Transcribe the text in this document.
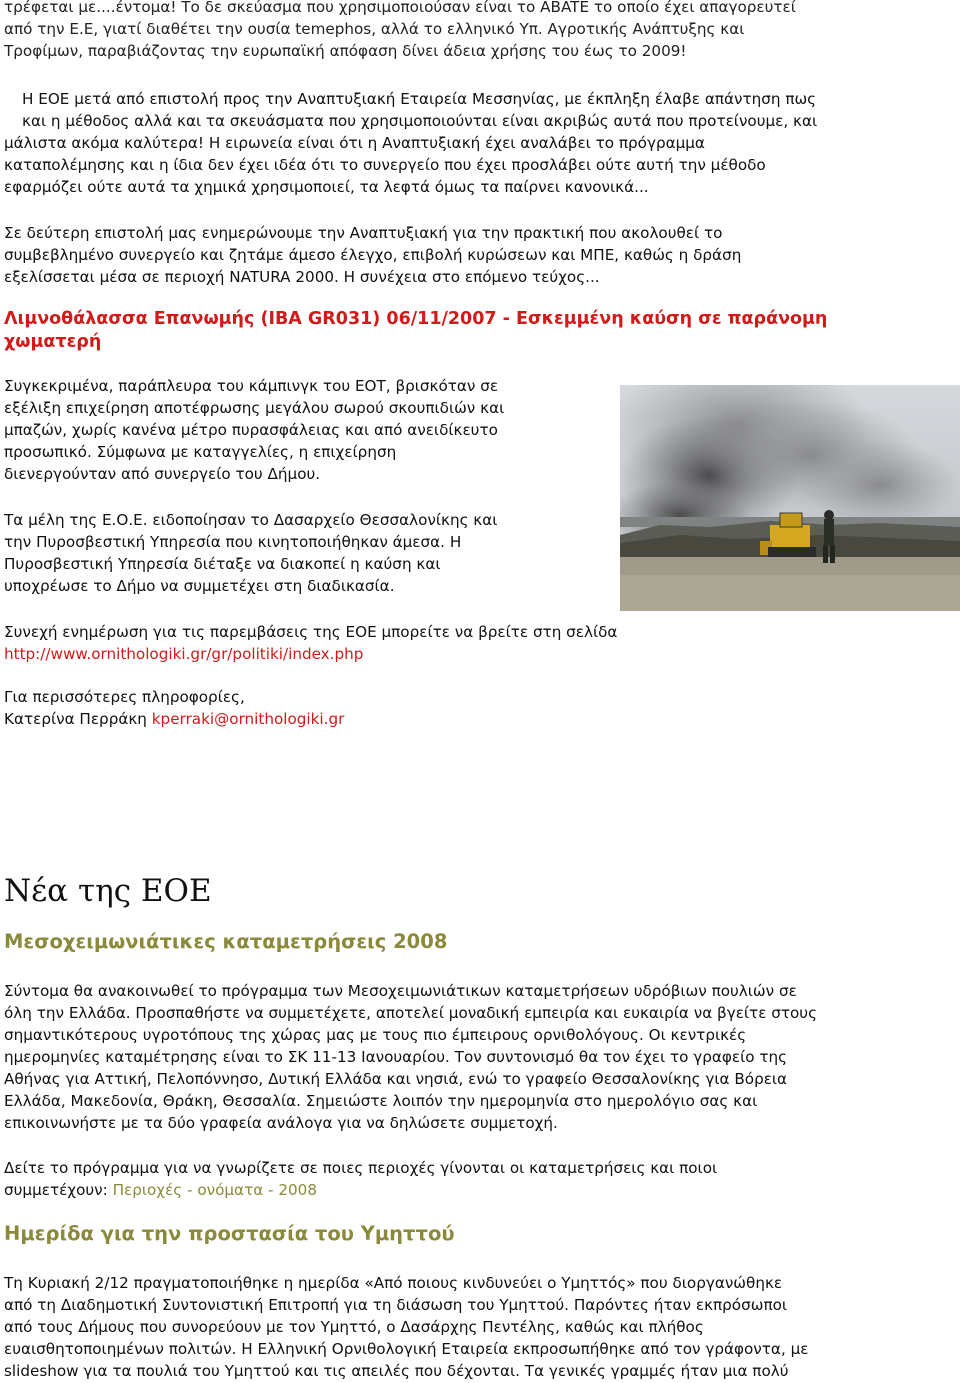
τρέφεται με....έντομα! Το δε σκεύασμα που χρησιμοποιούσαν είναι το ABATE το οποίο έχει απαγορευτεί
από την Ε.Ε, γιατί διαθέτει την ουσία temephos, αλλά το ελληνικό Υπ. Αγροτικής Ανάπτυξης και
Τροφίμων, παραβιάζοντας την ευρωπαϊκή απόφαση δίνει άδεια χρήσης του έως το 2009!
Η ΕΟΕ μετά από επιστολή προς την Αναπτυξιακή Εταιρεία Μεσσηνίας, με έκπληξη έλαβε απάντηση πως
και η μέθοδος αλλά και τα σκευάσματα που χρησιμοποιούνται είναι ακριβώς αυτά που προτείνουμε, και
μάλιστα ακόμα καλύτερα! Η ειρωνεία είναι ότι η Αναπτυξιακή έχει αναλάβει το πρόγραμμα
καταπολέμησης και η ίδια δεν έχει ιδέα ότι το συνεργείο που έχει προσλάβει ούτε αυτή την μέθοδο
εφαρμόζει ούτε αυτά τα χημικά χρησιμοποιεί, τα λεφτά όμως τα παίρνει κανονικά...
Σε δεύτερη επιστολή μας ενημερώνουμε την Αναπτυξιακή για την πρακτική που ακολουθεί το
συμβεβλημένο συνεργείο και ζητάμε άμεσο έλεγχο, επιβολή κυρώσεων και ΜΠΕ, καθώς η δράση
εξελίσσεται μέσα σε περιοχή NATURA 2000. Η συνέχεια στο επόμενο τεύχος...
Λιμνοθάλασσα Επανωμής (IBA GR031) 06/11/2007 - Εσκεμμένη καύση σε παράνομη
χωματερή
Συγκεκριμένα, παράπλευρα του κάμπινγκ του ΕΟΤ, βρισκόταν σε
εξέλιξη επιχείρηση αποτέφρωσης μεγάλου σωρού σκουπιδιών και
μπαζών, χωρίς κανένα μέτρο πυρασφάλειας και από ανειδίκευτο
προσωπικό. Σύμφωνα με καταγγελίες, η επιχείρηση
διενεργούνταν από συνεργείο του Δήμου.
Τα μέλη της Ε.Ο.Ε. ειδοποίησαν το Δασαρχείο Θεσσαλονίκης και
την Πυροσβεστική Υπηρεσία που κινητοποιήθηκαν άμεσα. Η
Πυροσβεστική Υπηρεσία διέταξε να διακοπεί η καύση και
υποχρέωσε το Δήμο να συμμετέχει στη διαδικασία.
Συνεχή ενημέρωση για τις παρεμβάσεις της ΕΟΕ μπορείτε να βρείτε στη σελίδα
http://www.ornithologiki.gr/gr/politiki/index.php
Για περισσότερες πληροφορίες,
Κατερίνα Περράκη kperraki@ornithologiki.gr
Νέα της ΕΟΕ
Μεσοχειμωνιάτικες καταμετρήσεις 2008
Σύντομα θα ανακοινωθεί το πρόγραμμα των Μεσοχειμωνιάτικων καταμετρήσεων υδρόβιων πουλιών σε
όλη την Ελλάδα. Προσπαθήστε να συμμετέχετε, αποτελεί μοναδική εμπειρία και ευκαιρία να βγείτε στους
σημαντικότερους υγροτόπους της χώρας μας με τους πιο έμπειρους ορνιθολόγους. Οι κεντρικές
ημερομηνίες καταμέτρησης είναι το ΣΚ 11-13 Ιανουαρίου. Τον συντονισμό θα τον έχει το γραφείο της
Αθήνας για Αττική, Πελοπόννησο, Δυτική Ελλάδα και νησιά, ενώ το γραφείο Θεσσαλονίκης για Βόρεια
Ελλάδα, Μακεδονία, Θράκη, Θεσσαλία. Σημειώστε λοιπόν την ημερομηνία στο ημερολόγιο σας και
επικοινωνήστε με τα δύο γραφεία ανάλογα για να δηλώσετε συμμετοχή.
Δείτε το πρόγραμμα για να γνωρίζετε σε ποιες περιοχές γίνονται οι καταμετρήσεις και ποιοι
συμμετέχουν: Περιοχές - ονόματα - 2008
Ημερίδα για την προστασία του Υμηττού
Τη Κυριακή 2/12 πραγματοποιήθηκε η ημερίδα «Από ποιους κινδυνεύει ο Υμηττός» που διοργανώθηκε
από τη Διαδημοτική Συντονιστική Επιτροπή για τη διάσωση του Υμηττού. Παρόντες ήταν εκπρόσωποι
από τους Δήμους που συνορεύουν με τον Υμηττό, ο Δασάρχης Πεντέλης, καθώς και πλήθος
ευαισθητοποιημένων πολιτών. Η Ελληνική Ορνιθολογική Εταιρεία εκπροσωπήθηκε από τον γράφοντα, με
slideshow για τα πουλιά του Υμηττού και τις απειλές που δέχονται. Τα γενικές γραμμές ήταν μια πολύ
